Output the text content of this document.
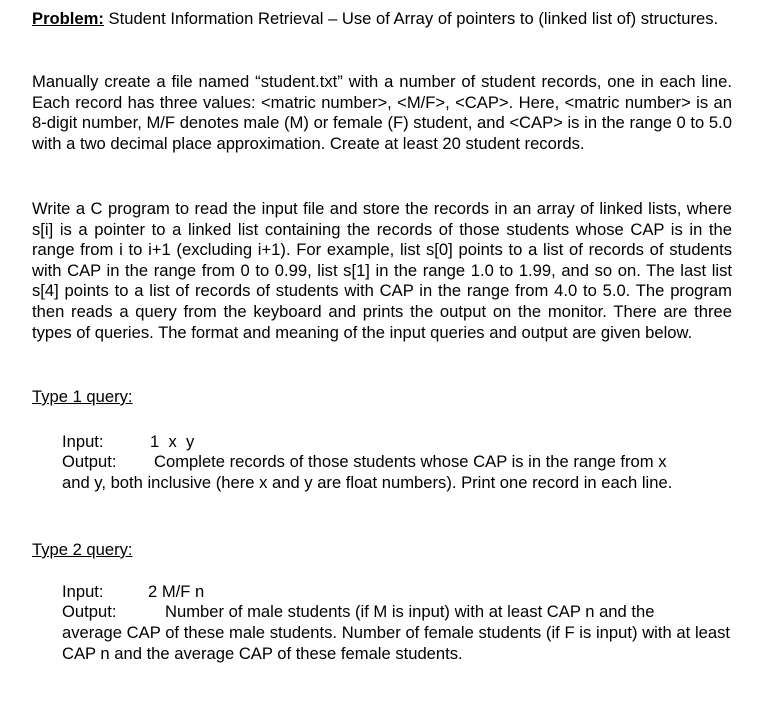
Problem: Student Information Retrieval – Use of Array of pointers to (linked list of) structures.

Manually create a file named “student.txt” with a number of student records, one in each line. Each record has three values: <matric number>, <M/F>, <CAP>. Here, <matric number> is an 8-digit number, M/F denotes male (M) or female (F) student, and <CAP> is in the range 0 to 5.0 with a two decimal place approximation. Create at least 20 student records.

Write a C program to read the input file and store the records in an array of linked lists, where s[i] is a pointer to a linked list containing the records of those students whose CAP is in the range from i to i+1 (excluding i+1). For example, list s[0] points to a list of records of students with CAP in the range from 0 to 0.99, list s[1] in the range 1.0 to 1.99, and so on. The last list s[4] points to a list of records of students with CAP in the range from 4.0 to 5.0. The program then reads a query from the keyboard and prints the output on the monitor. There are three types of queries. The format and meaning of the input queries and output are given below.

Type 1 query:

Input:	1  x  y

Output: Complete records of those students whose CAP is in the range from x

and y, both inclusive (here x and y are float numbers). Print one record in each line.

Type 2 query:

Input:	2 M/F n

Output:	Number of male students (if M is input) with at least CAP n and the

average CAP of these male students. Number of female students (if F is input) with at least CAP n and the average CAP of these female students.
